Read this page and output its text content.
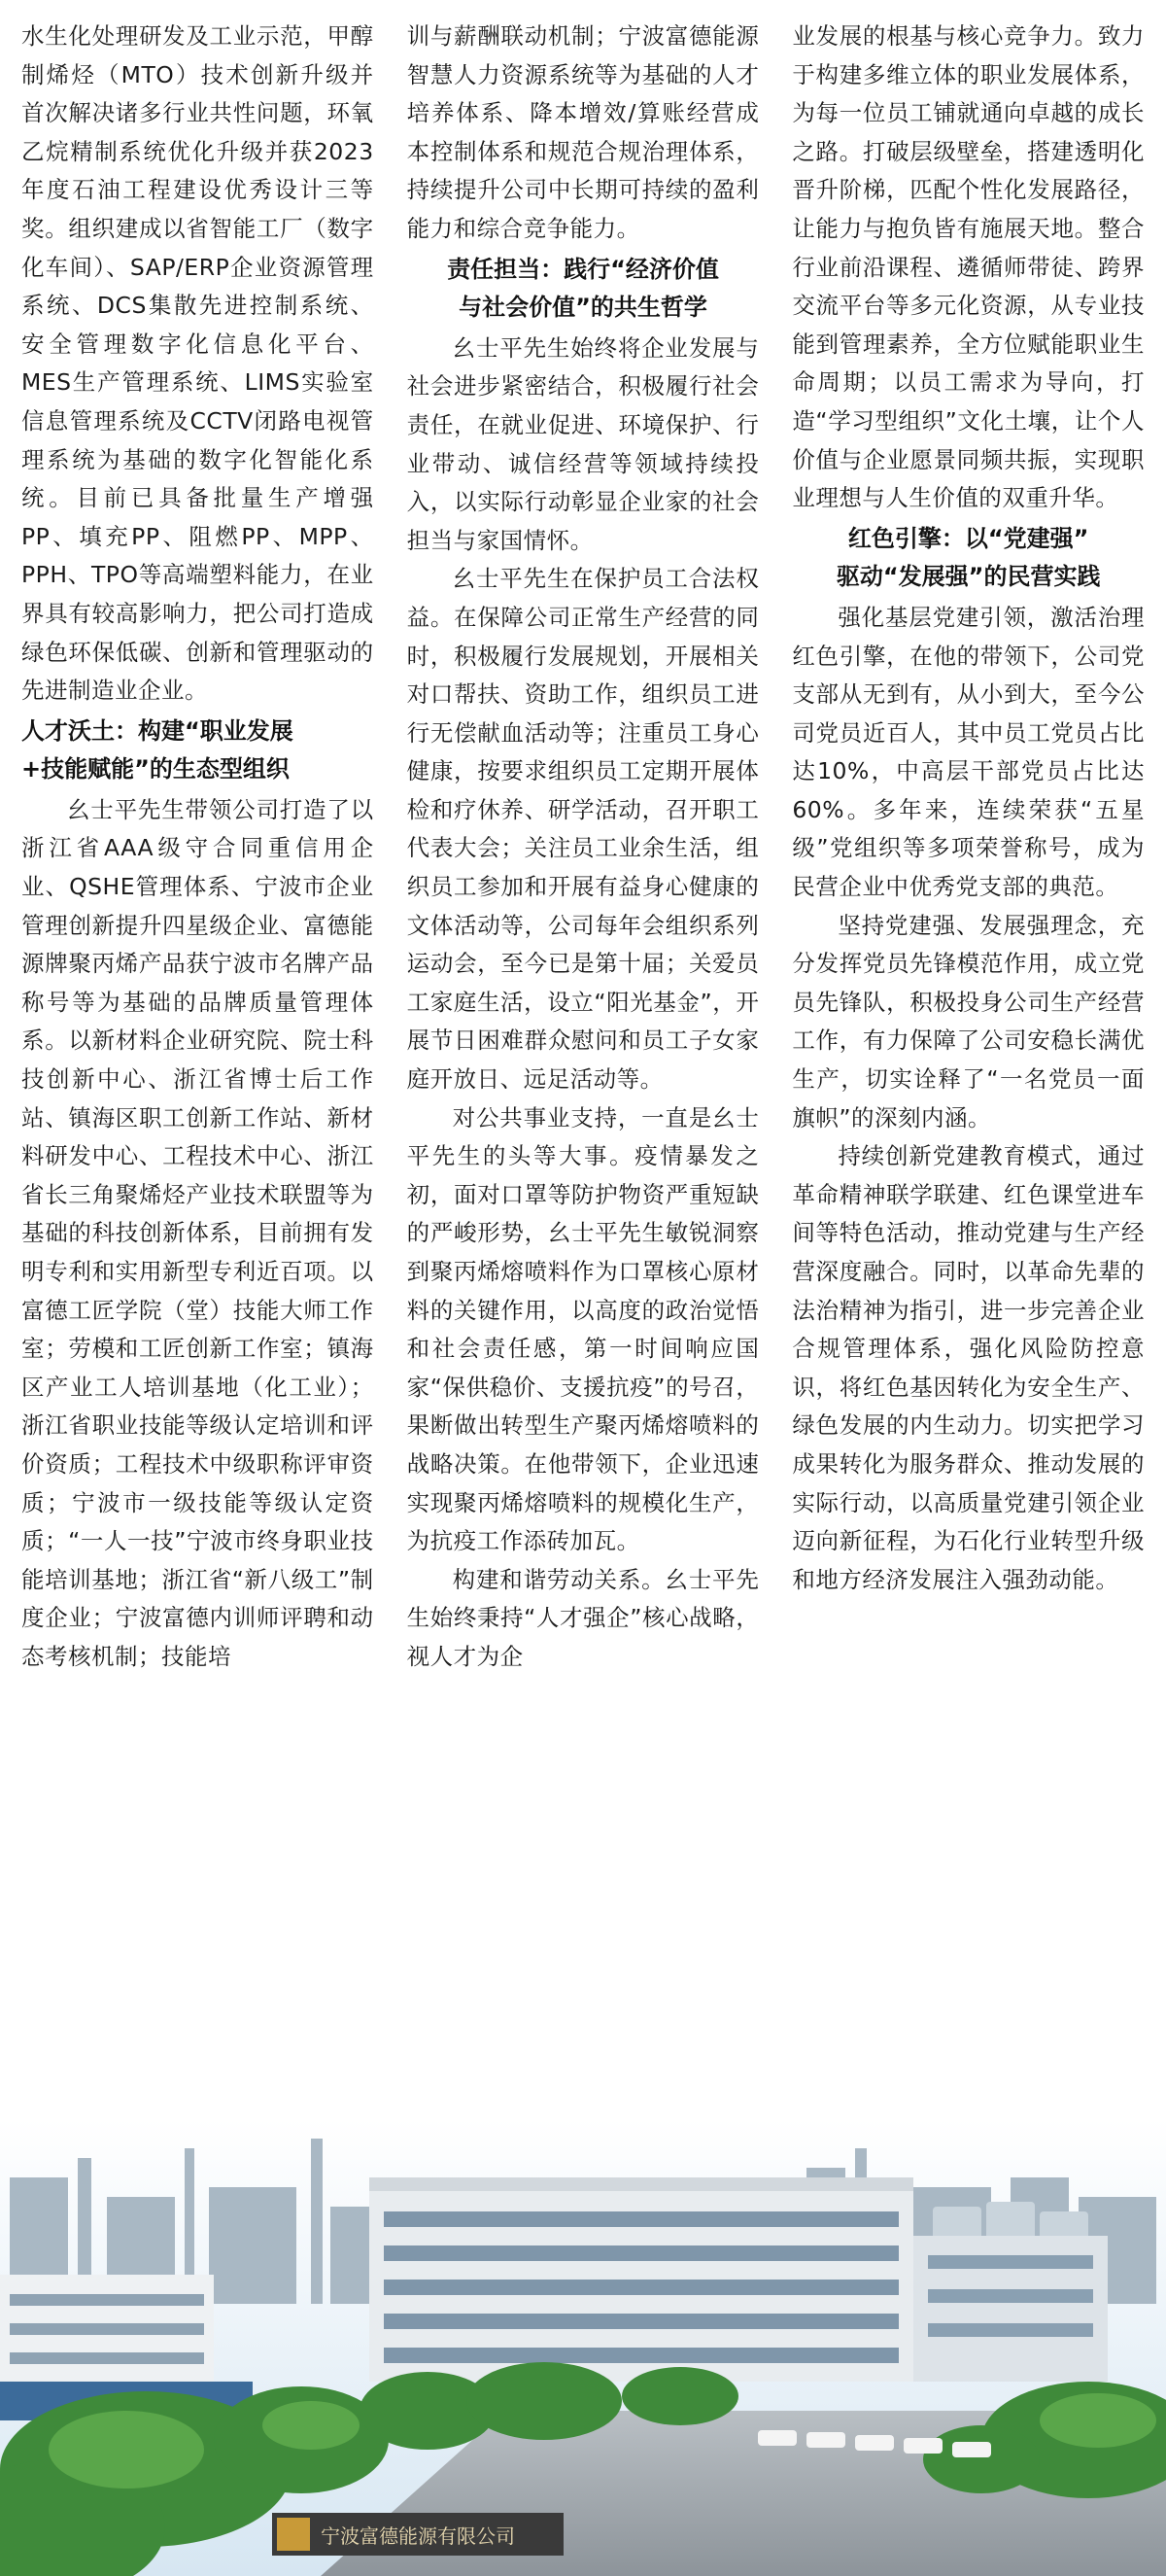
水生化处理研发及工业示范，甲醇制烯烃（MTO）技术创新升级并首次解决诸多行业共性问题，环氧乙烷精制系统优化升级并获2023年度石油工程建设优秀设计三等奖。组织建成以省智能工厂（数字化车间）、SAP/ERP企业资源管理系统、DCS集散先进控制系统、安全管理数字化信息化平台、MES生产管理系统、LIMS实验室信息管理系统及CCTV闭路电视管理系统为基础的数字化智能化系统。目前已具备批量生产增强PP、填充PP、阻燃PP、MPP、PPH、TPO等高端塑料能力，在业界具有较高影响力，把公司打造成绿色环保低碳、创新和管理驱动的先进制造业企业。

人才沃土：构建“职业发展
+技能赋能”的生态型组织

幺士平先生带领公司打造了以浙江省AAA级守合同重信用企业、QSHE管理体系、宁波市企业管理创新提升四星级企业、富德能源牌聚丙烯产品获宁波市名牌产品称号等为基础的品牌质量管理体系。以新材料企业研究院、院士科技创新中心、浙江省博士后工作站、镇海区职工创新工作站、新材料研发中心、工程技术中心、浙江省长三角聚烯烃产业技术联盟等为基础的科技创新体系，目前拥有发明专利和实用新型专利近百项。以富德工匠学院（堂）技能大师工作室；劳模和工匠创新工作室；镇海区产业工人培训基地（化工业）；浙江省职业技能等级认定培训和评价资质；工程技术中级职称评审资质；宁波市一级技能等级认定资质；“一人一技”宁波市终身职业技能培训基地；浙江省“新八级工”制度企业；宁波富德内训师评聘和动态考核机制；技能培

训与薪酬联动机制；宁波富德能源智慧人力资源系统等为基础的人才培养体系、降本增效/算账经营成本控制体系和规范合规治理体系，持续提升公司中长期可持续的盈利能力和综合竞争能力。

责任担当：践行“经济价值
与社会价值”的共生哲学

幺士平先生始终将企业发展与社会进步紧密结合，积极履行社会责任，在就业促进、环境保护、行业带动、诚信经营等领域持续投入，以实际行动彰显企业家的社会担当与家国情怀。

幺士平先生在保护员工合法权益。在保障公司正常生产经营的同时，积极履行发展规划，开展相关对口帮扶、资助工作，组织员工进行无偿献血活动等；注重员工身心健康，按要求组织员工定期开展体检和疗休养、研学活动，召开职工代表大会；关注员工业余生活，组织员工参加和开展有益身心健康的文体活动等，公司每年会组织系列运动会，至今已是第十届；关爱员工家庭生活，设立“阳光基金”，开展节日困难群众慰问和员工子女家庭开放日、远足活动等。

对公共事业支持，一直是幺士平先生的头等大事。疫情暴发之初，面对口罩等防护物资严重短缺的严峻形势，幺士平先生敏锐洞察到聚丙烯熔喷料作为口罩核心原材料的关键作用，以高度的政治觉悟和社会责任感，第一时间响应国家“保供稳价、支援抗疫”的号召，果断做出转型生产聚丙烯熔喷料的战略决策。在他带领下，企业迅速实现聚丙烯熔喷料的规模化生产，为抗疫工作添砖加瓦。

构建和谐劳动关系。幺士平先生始终秉持“人才强企”核心战略，视人才为企

业发展的根基与核心竞争力。致力于构建多维立体的职业发展体系，为每一位员工铺就通向卓越的成长之路。打破层级壁垒，搭建透明化晋升阶梯，匹配个性化发展路径，让能力与抱负皆有施展天地。整合行业前沿课程、遴循师带徒、跨界交流平台等多元化资源，从专业技能到管理素养，全方位赋能职业生命周期；以员工需求为导向，打造“学习型组织”文化土壤，让个人价值与企业愿景同频共振，实现职业理想与人生价值的双重升华。

红色引擎：以“党建强”
驱动“发展强”的民营实践

强化基层党建引领，激活治理红色引擎，在他的带领下，公司党支部从无到有，从小到大，至今公司党员近百人，其中员工党员占比达10%，中高层干部党员占比达60%。多年来，连续荣获“五星级”党组织等多项荣誉称号，成为民营企业中优秀党支部的典范。

坚持党建强、发展强理念，充分发挥党员先锋模范作用，成立党员先锋队，积极投身公司生产经营工作，有力保障了公司安稳长满优生产，切实诠释了“一名党员一面旗帜”的深刻内涵。

持续创新党建教育模式，通过革命精神联学联建、红色课堂进车间等特色活动，推动党建与生产经营深度融合。同时，以革命先辈的法治精神为指引，进一步完善企业合规管理体系，强化风险防控意识，将红色基因转化为安全生产、绿色发展的内生动力。切实把学习成果转化为服务群众、推动发展的实际行动，以高质量党建引领企业迈向新征程，为石化行业转型升级和地方经济发展注入强劲动能。

宁波富德能源有限公司
